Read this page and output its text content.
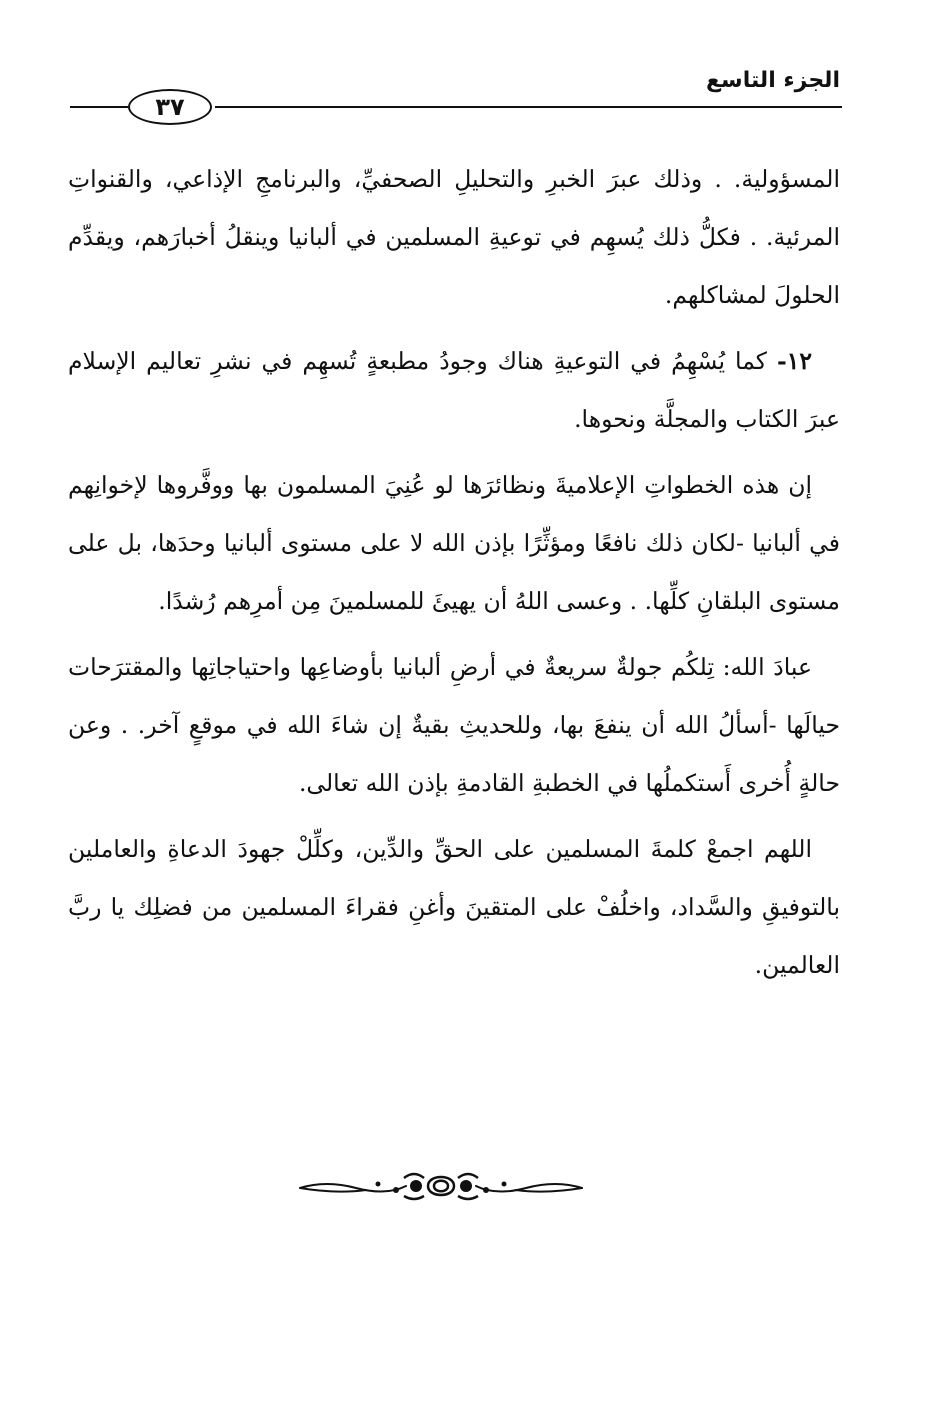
الجزء التاسع
٣٧

المسؤولية. . وذلك عبرَ الخبرِ والتحليلِ الصحفيِّ، والبرنامجِ الإذاعي، والقنواتِ المرئية. . فكلُّ ذلك يُسهِم في توعيةِ المسلمين في ألبانيا وينقلُ أخبارَهم، ويقدِّم الحلولَ لمشاكلهم.

١٢- كما يُسْهِمُ في التوعيةِ هناك وجودُ مطبعةٍ تُسهِم في نشرِ تعاليم الإسلام عبرَ الكتاب والمجلَّة ونحوها.

إن هذه الخطواتِ الإعلاميةَ ونظائرَها لو عُنِيَ المسلمون بها ووفَّروها لإخوانِهم في ألبانيا -لكان ذلك نافعًا ومؤثِّرًا بإذن الله لا على مستوى ألبانيا وحدَها، بل على مستوى البلقانِ كلِّها. . وعسى اللهُ أن يهيئَ للمسلمينَ مِن أمرِهم رُشدًا.

عبادَ الله: تِلكُم جولةٌ سريعةٌ في أرضِ ألبانيا بأوضاعِها واحتياجاتِها والمقترَحات حيالَها -أسألُ الله أن ينفعَ بها، وللحديثِ بقيةٌ إن شاءَ الله في موقعٍ آخر. . وعن حالةٍ أُخرى أَستكملُها في الخطبةِ القادمةِ بإذن الله تعالى.

اللهم اجمعْ كلمةَ المسلمين على الحقِّ والدِّين، وكلِّلْ جهودَ الدعاةِ والعاملين بالتوفيقِ والسَّداد، واخلُفْ على المتقينَ وأغنِ فقراءَ المسلمين من فضلِك يا ربَّ العالمين.
